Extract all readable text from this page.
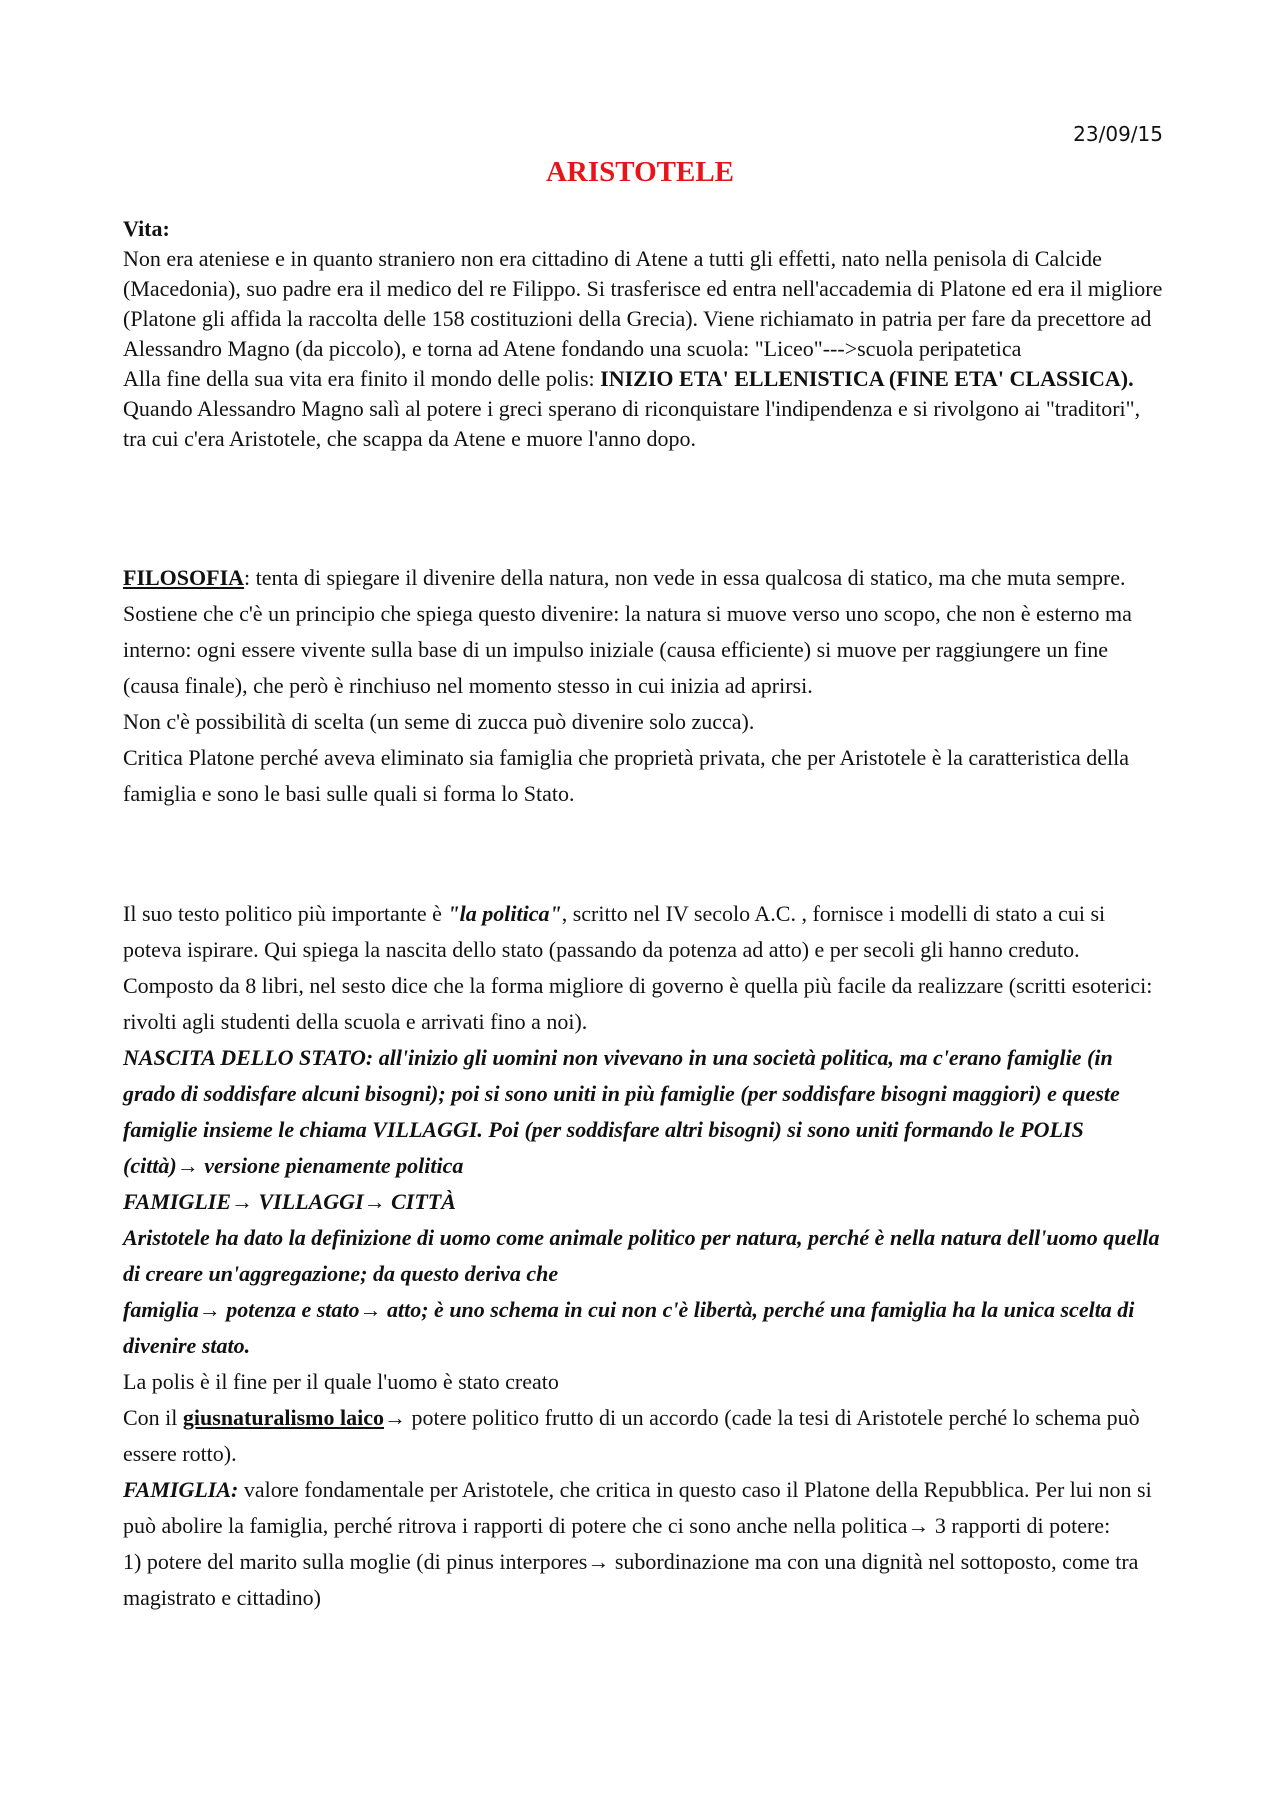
23/09/15
ARISTOTELE

Vita:

Non era ateniese e in quanto straniero non era cittadino di Atene a tutti gli effetti, nato nella penisola di Calcide (Macedonia), suo padre era il medico del re Filippo. Si trasferisce ed entra nell'accademia di Platone ed era il migliore (Platone gli affida la raccolta delle 158 costituzioni della Grecia). Viene richiamato in patria per fare da precettore ad Alessandro Magno (da piccolo), e torna ad Atene fondando una scuola: "Liceo"--->scuola peripatetica

Alla fine della sua vita era finito il mondo delle polis: INIZIO ETA' ELLENISTICA (FINE ETA' CLASSICA).

Quando Alessandro Magno salì al potere i greci sperano di riconquistare l'indipendenza e si rivolgono ai "traditori", tra cui c'era Aristotele, che scappa da Atene e muore l'anno dopo.

FILOSOFIA: tenta di spiegare il divenire della natura, non vede in essa qualcosa di statico, ma che muta sempre. Sostiene che c'è un principio che spiega questo divenire: la natura si muove verso uno scopo, che non è esterno ma interno: ogni essere vivente sulla base di un impulso iniziale (causa efficiente) si muove per raggiungere un fine (causa finale), che però è rinchiuso nel momento stesso in cui inizia ad aprirsi.

Non c'è possibilità di scelta (un seme di zucca può divenire solo zucca).

Critica Platone perché aveva eliminato sia famiglia che proprietà privata, che per Aristotele è la caratteristica della famiglia e sono le basi sulle quali si forma lo Stato.

Il suo testo politico più importante è "la politica", scritto nel IV secolo A.C. , fornisce i modelli di stato a cui si poteva ispirare. Qui spiega la nascita dello stato (passando da potenza ad atto) e per secoli gli hanno creduto.

Composto da 8 libri, nel sesto dice che la forma migliore di governo è quella più facile da realizzare (scritti esoterici: rivolti agli studenti della scuola e arrivati fino a noi).

NASCITA DELLO STATO: all'inizio gli uomini non vivevano in una società politica, ma c'erano famiglie (in grado di soddisfare alcuni bisogni); poi si sono uniti in più famiglie (per soddisfare bisogni maggiori) e queste famiglie insieme le chiama VILLAGGI. Poi (per soddisfare altri bisogni) si sono uniti formando le POLIS (città)→ versione pienamente politica

FAMIGLIE→ VILLAGGI→ CITTÀ

Aristotele ha dato la definizione di uomo come animale politico per natura, perché è nella natura dell'uomo quella di creare un'aggregazione; da questo deriva che

famiglia→ potenza e stato→ atto; è uno schema in cui non c'è libertà, perché una famiglia ha la unica scelta di divenire stato.

La polis è il fine per il quale l'uomo è stato creato

Con il giusnaturalismo laico→ potere politico frutto di un accordo (cade la tesi di Aristotele perché lo schema può essere rotto).

FAMIGLIA: valore fondamentale per Aristotele, che critica in questo caso il Platone della Repubblica. Per lui non si può abolire la famiglia, perché ritrova i rapporti di potere che ci sono anche nella politica→ 3 rapporti di potere:

1) potere del marito sulla moglie (di pinus interpores→ subordinazione ma con una dignità nel sottoposto, come tra magistrato e cittadino)
